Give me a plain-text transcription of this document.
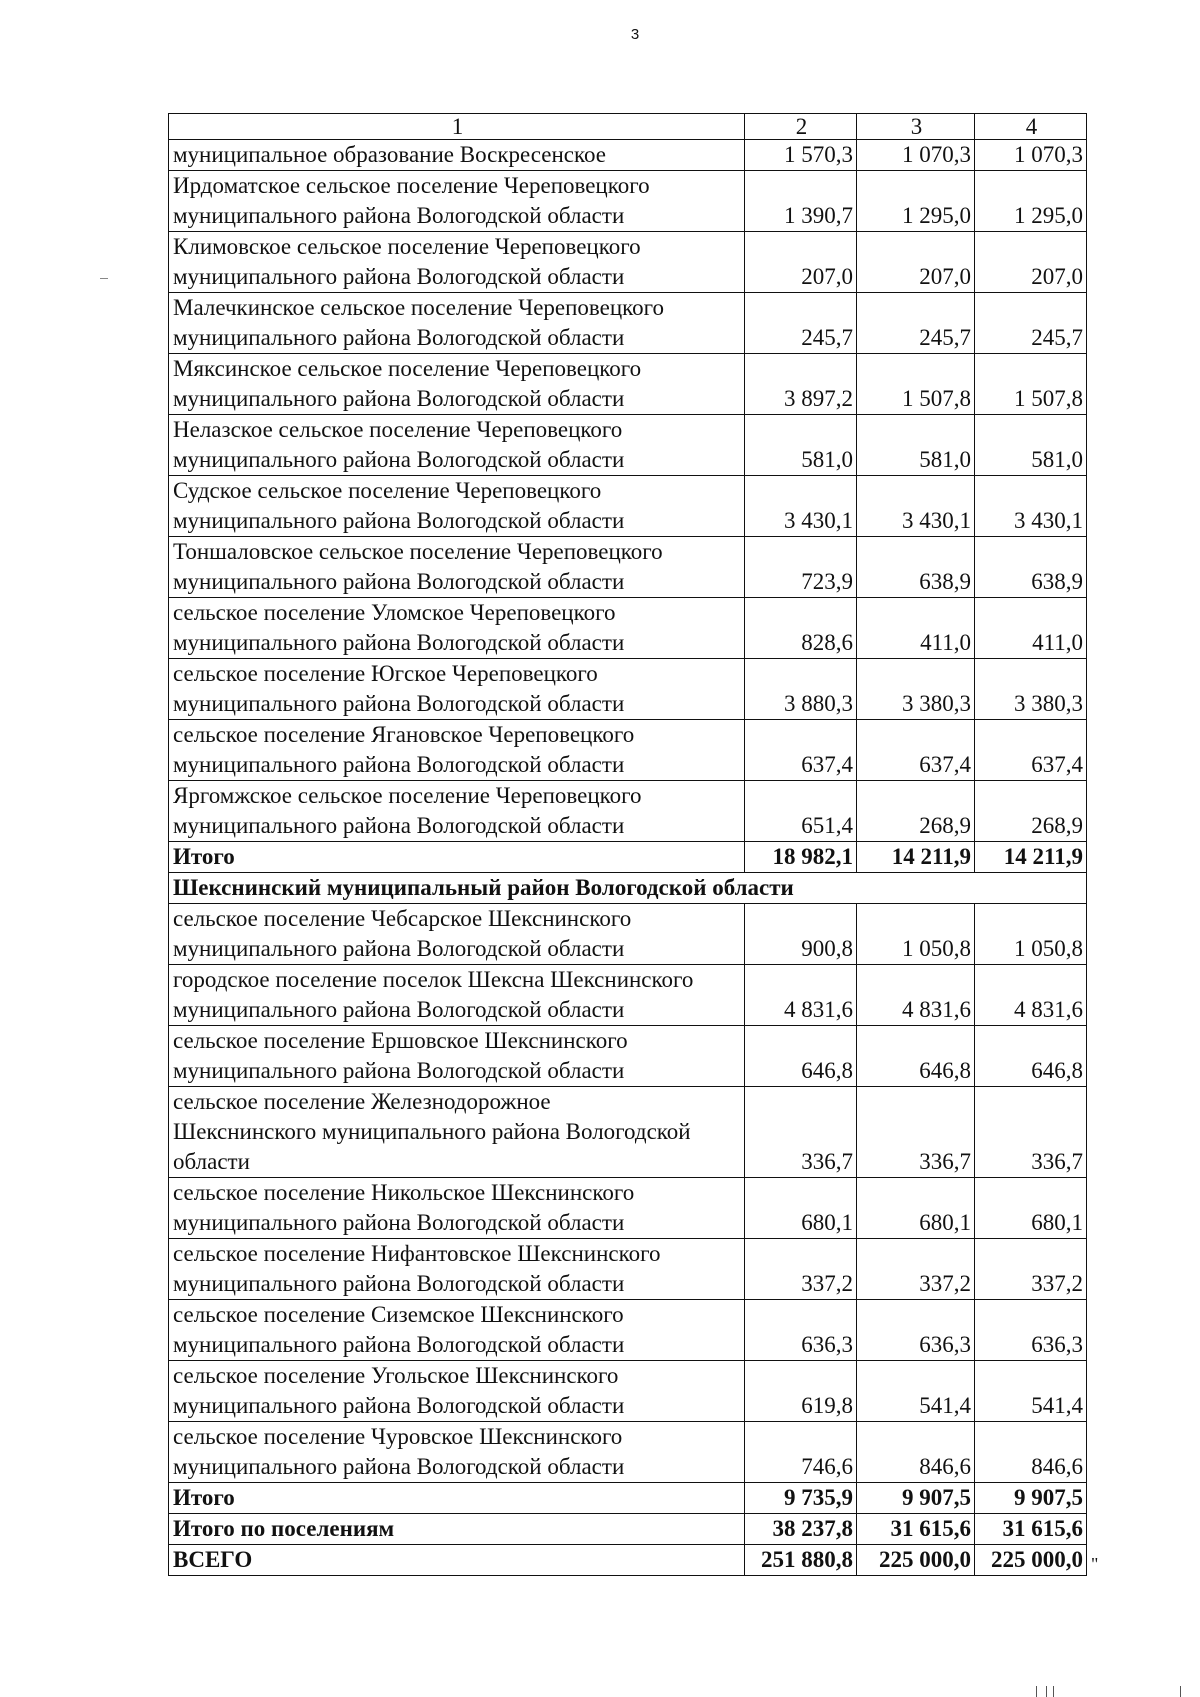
3
1	2	3	4

муниципальное образование Воскресенское	1 570,3	1 070,3	1 070,3

Ирдоматское сельское поселение Череповецкого
муниципального района Вологодской области	1 390,7	1 295,0	1 295,0

Климовское сельское поселение Череповецкого
муниципального района Вологодской области	207,0	207,0	207,0

Малечкинское сельское поселение Череповецкого
муниципального района Вологодской области	245,7	245,7	245,7

Мяксинское сельское поселение Череповецкого
муниципального района Вологодской области	3 897,2	1 507,8	1 507,8

Нелазское сельское поселение Череповецкого
муниципального района Вологодской области	581,0	581,0	581,0

Судское сельское поселение Череповецкого
муниципального района Вологодской области	3 430,1	3 430,1	3 430,1

Тоншаловское сельское поселение Череповецкого
муниципального района Вологодской области	723,9	638,9	638,9

сельское поселение Уломское Череповецкого
муниципального района Вологодской области	828,6	411,0	411,0

сельское поселение Югское Череповецкого
муниципального района Вологодской области	3 880,3	3 380,3	3 380,3

сельское поселение Ягановское Череповецкого
муниципального района Вологодской области	637,4	637,4	637,4

Яргомжское сельское поселение Череповецкого
муниципального района Вологодской области	651,4	268,9	268,9

Итого	18 982,1	14 211,9	14 211,9
Шекснинский муниципальный район Вологодской области			

сельское поселение Чебсарское Шекснинского
муниципального района Вологодской области	900,8	1 050,8	1 050,8

городское поселение поселок Шексна Шекснинского
муниципального района Вологодской области	4 831,6	4 831,6	4 831,6

сельское поселение Ершовское Шекснинского
муниципального района Вологодской области	646,8	646,8	646,8

сельское поселение Железнодорожное
Шекснинского муниципального района Вологодской
области	336,7	336,7	336,7

сельское поселение Никольское Шекснинского
муниципального района Вологодской области	680,1	680,1	680,1

сельское поселение Нифантовское Шекснинского
муниципального района Вологодской области	337,2	337,2	337,2

сельское поселение Сиземское Шекснинского
муниципального района Вологодской области	636,3	636,3	636,3

сельское поселение Угольское Шекснинского
муниципального района Вологодской области	619,8	541,4	541,4

сельское поселение Чуровское Шекснинского
муниципального района Вологодской области	746,6	846,6	846,6

Итого	9 735,9	9 907,5	9 907,5

Итого по поселениям	38 237,8	31 615,6	31 615,6

ВСЕГО	251 880,8	225 000,0	225 000,0 "
